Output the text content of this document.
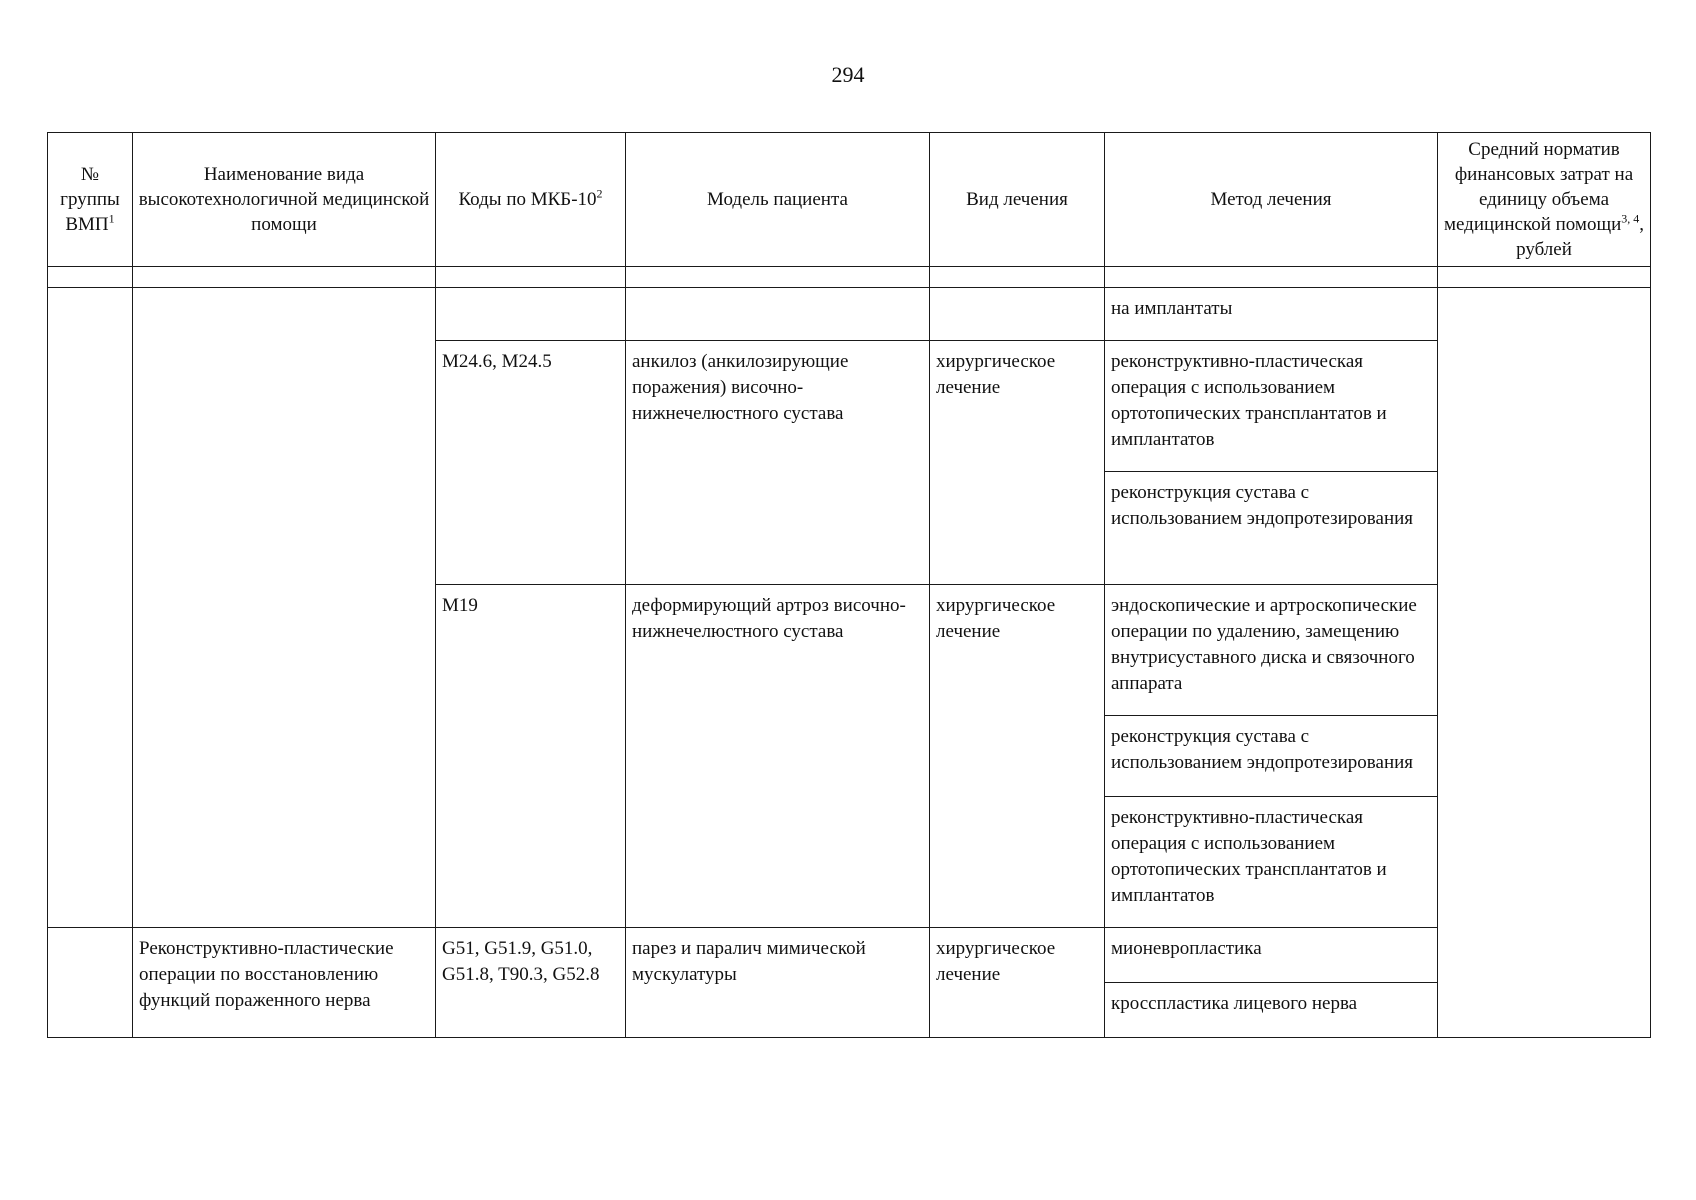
294
№ группы ВМП$^1$	Наименование вида высокотехнологичной медицинской помощи	Коды по МКБ-$10^2$	Модель пациента	Вид лечения	Метод лечения	Средний норматив финансовых затрат на единицу объема медицинской помощи$^{3, 4}$, рублей

					на имплантаты	
		M24.6, M24.5	анкилоз (анкилозирующие поражения) височно-нижнечелюстного сустава	хирургическое лечение	реконструктивно-пластическая операция с использованием ортотопических трансплантатов и имплантатов	
					реконструкция сустава с использованием эндопротезирования	
		M19	деформирующий артроз височно-нижнечелюстного сустава	хирургическое лечение	эндоскопические и артроскопические операции по удалению, замещению внутрисуставного диска и связочного аппарата	
					реконструкция сустава с использованием эндопротезирования	
					реконструктивно-пластическая операция с использованием ортотопических трансплантатов и имплантатов	
	Реконструктивно-пластические операции по восстановлению функций пораженного нерва	G51, G51.9, G51.0, G51.8, T90.3, G52.8	парез и паралич мимической мускулатуры	хирургическое лечение	мионевропластика	
					кросспластика лицевого нерва	
